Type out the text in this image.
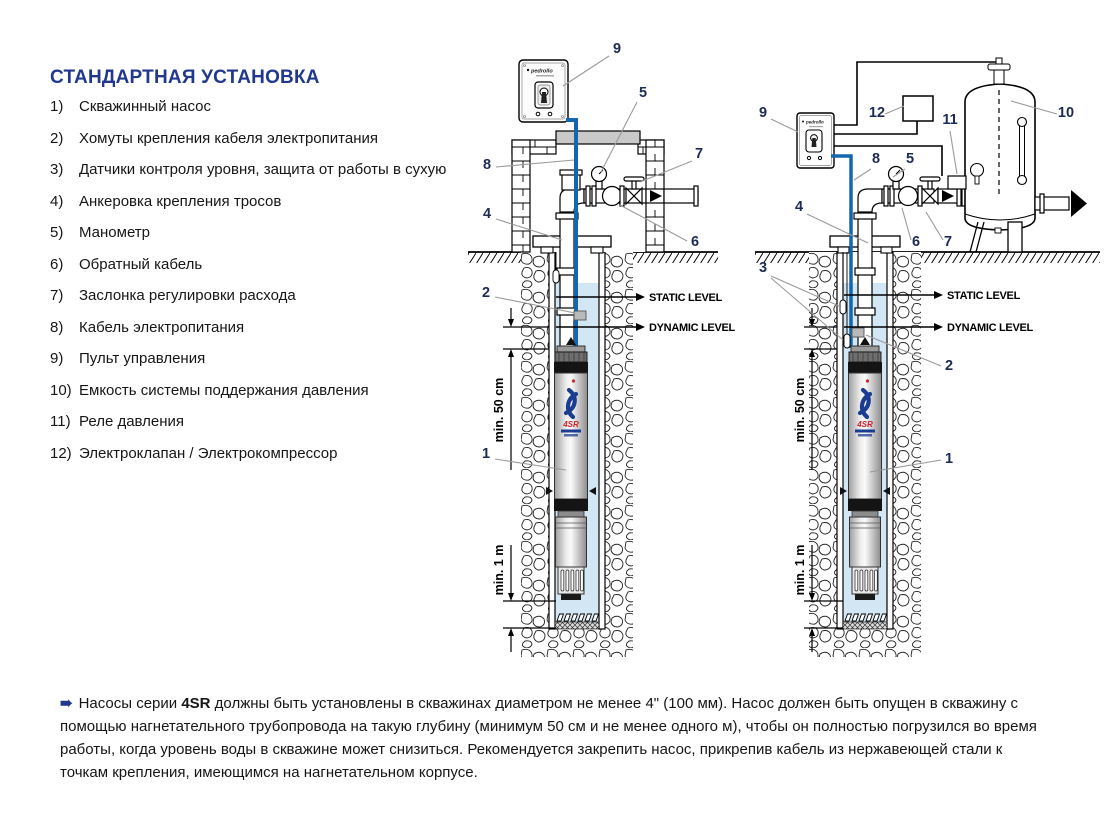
СТАНДАРТНАЯ УСТАНОВКА
1)	Скважинный насос
2)	Хомуты крепления кабеля электропитания
3)	Датчики контроля уровня, защита от работы в сухую
4)	Анкеровка крепления тросов
5)	Манометр
6)	Обратный кабель
7)	Заслонка регулировки расхода
8)	Кабель электропитания
9)	Пульт управления
10) Емкость системы поддержания давления
11) Реле давления
12) Электроклапан / Электрокомпрессор
4SR
pedrollo
STATIC LEVEL
DYNAMIC LEVEL
min. 50 cm
min. 1 m
9
5
7
8
4
6
2
1
pedrollo
STATIC LEVEL
DYNAMIC LEVEL
min. 50 cm
min. 1 m
9	12	11	10
8 5
4
6 7
3
2
1

➠ Насосы серии 4SR должны быть установлены в скважинах диаметром не менее 4" (100 мм). Насос должен быть опущен в скважину с помощью нагнетательного трубопровода на такую глубину (минимум 50 см и не менее одного м), чтобы он полностью погрузился во время работы, когда уровень воды в скважине может снизиться. Рекомендуется закрепить насос, прикрепив кабель из нержавеющей стали к точкам крепления, имеющимся на нагнетательном корпусе.
